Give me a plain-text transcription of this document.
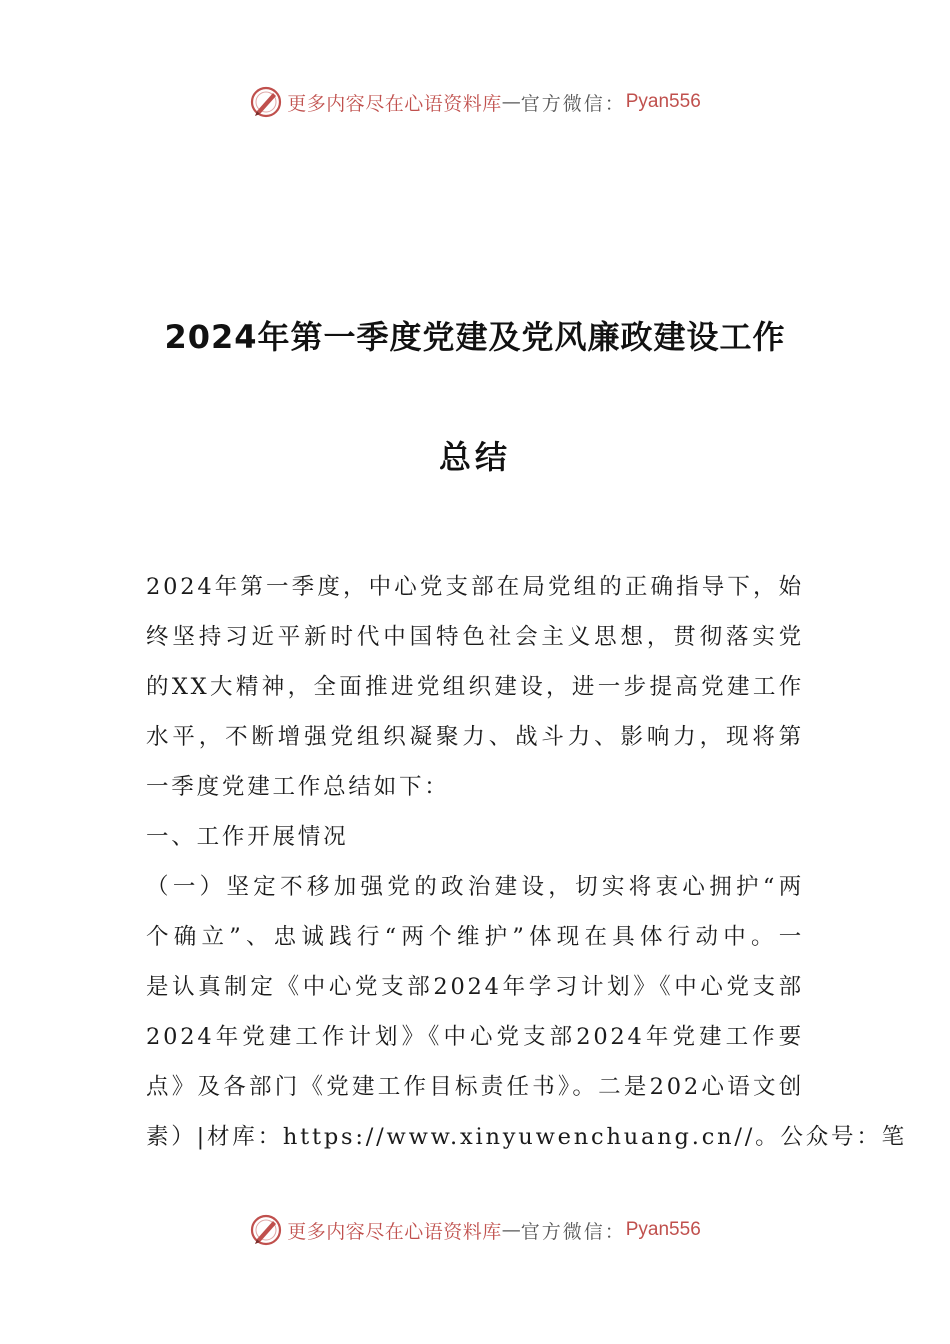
更多内容尽在心语资料库 — 官方微信： Pyan556
2024年第一季度党建及党风廉政建设工作
总结
2024年第一季度，中心党支部在局党组的正确指导下，始
终坚持习近平新时代中国特色社会主义思想，贯彻落实党
的XX大精神，全面推进党组织建设，进一步提高党建工作
水平，不断增强党组织凝聚力、战斗力、影响力，现将第
一季度党建工作总结如下：
一、工作开展情况
（一）坚定不移加强党的政治建设，切实将衷心拥护“两
个确立”、忠诚践行“两个维护”体现在具体行动中。一
是认真制定《中心党支部2024年学习计划》《中心党支部
2024年党建工作计划》《中心党支部2024年党建工作要
点》及各部门《党建工作目标责任书》。二是202心语文创
素）|材库：https://www.xinyuwenchuang.cn//。公众号：笔
更多内容尽在心语资料库 — 官方微信： Pyan556
